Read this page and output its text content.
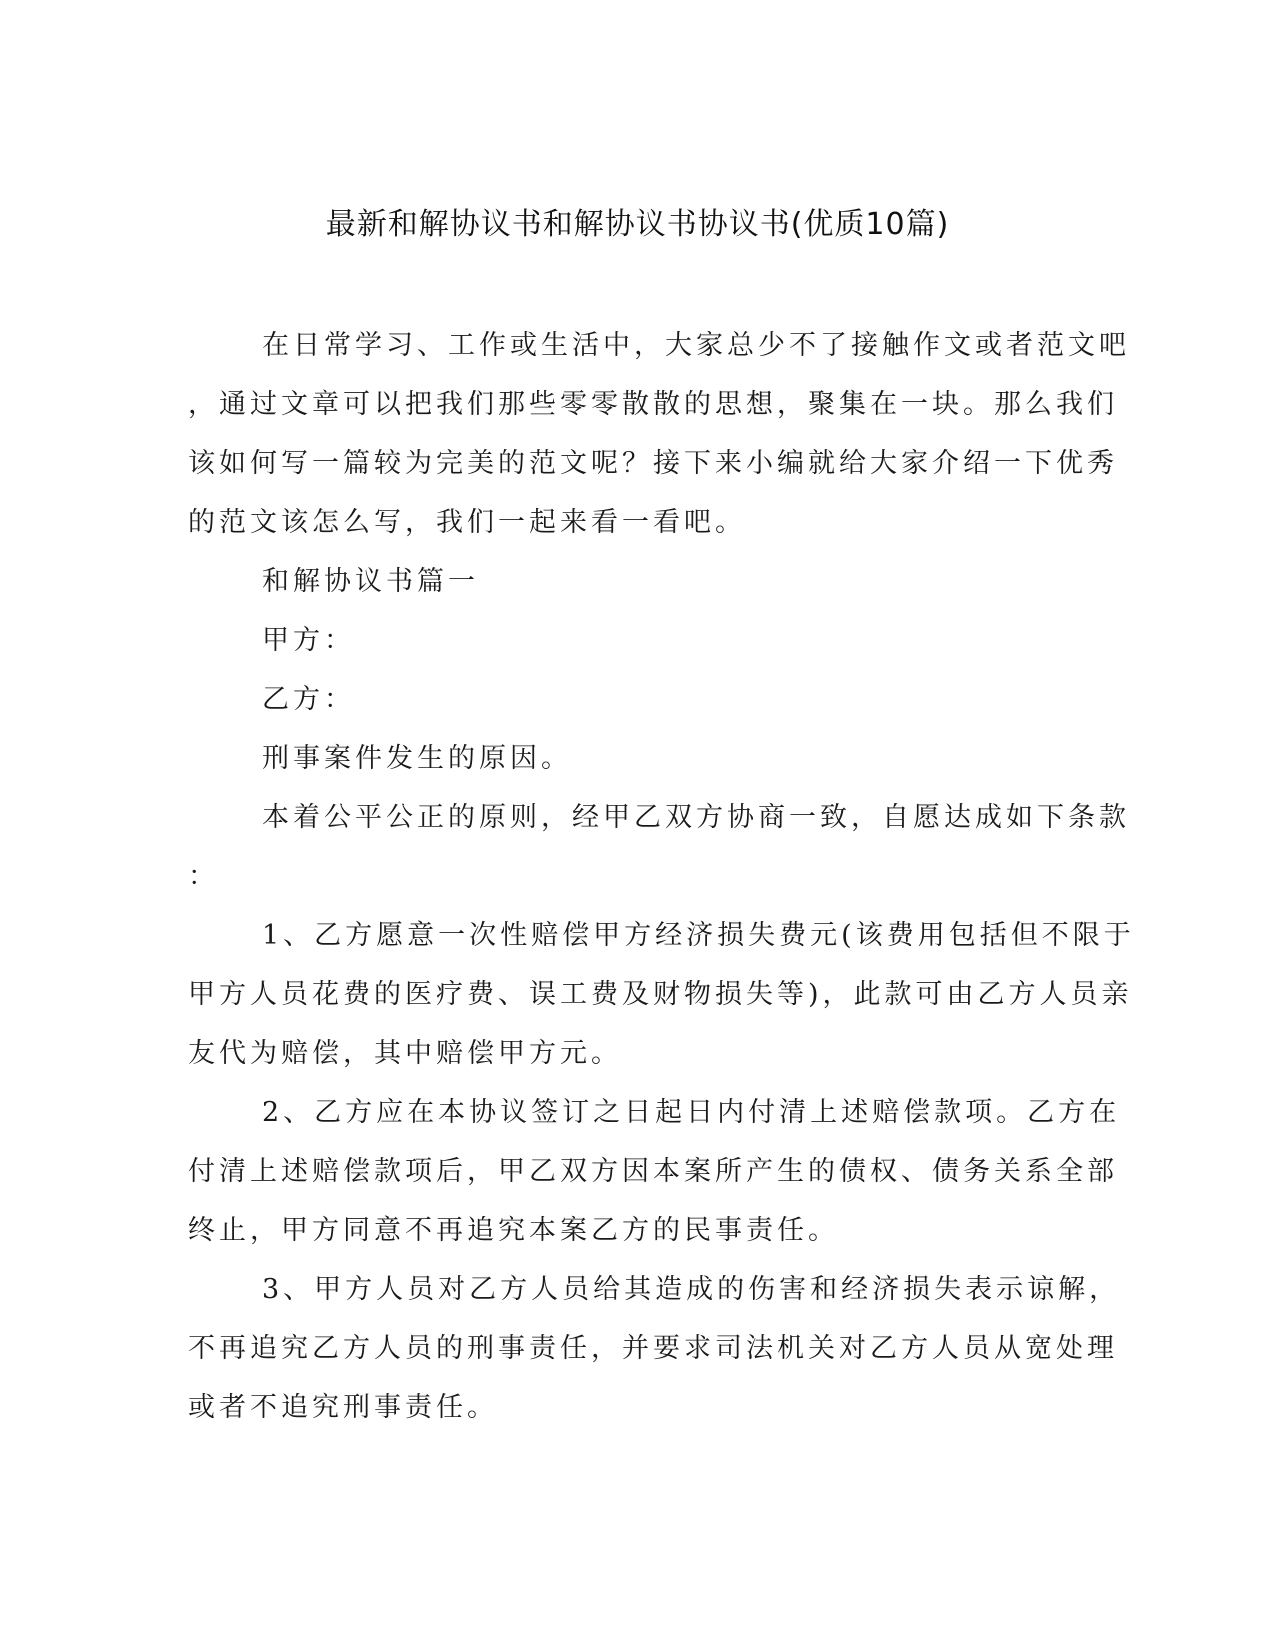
最新和解协议书和解协议书协议书(优质10篇)
在日常学习、工作或生活中，大家总少不了接触作文或者范文吧
，通过文章可以把我们那些零零散散的思想，聚集在一块。那么我们
该如何写一篇较为完美的范文呢？接下来小编就给大家介绍一下优秀
的范文该怎么写，我们一起来看一看吧。
和解协议书篇一
甲方：
乙方：
刑事案件发生的原因。
本着公平公正的原则，经甲乙双方协商一致，自愿达成如下条款
：
1、乙方愿意一次性赔偿甲方经济损失费元(该费用包括但不限于
甲方人员花费的医疗费、误工费及财物损失等)，此款可由乙方人员亲
友代为赔偿，其中赔偿甲方元。
2、乙方应在本协议签订之日起日内付清上述赔偿款项。乙方在
付清上述赔偿款项后，甲乙双方因本案所产生的债权、债务关系全部
终止，甲方同意不再追究本案乙方的民事责任。
3、甲方人员对乙方人员给其造成的伤害和经济损失表示谅解，
不再追究乙方人员的刑事责任，并要求司法机关对乙方人员从宽处理
或者不追究刑事责任。
